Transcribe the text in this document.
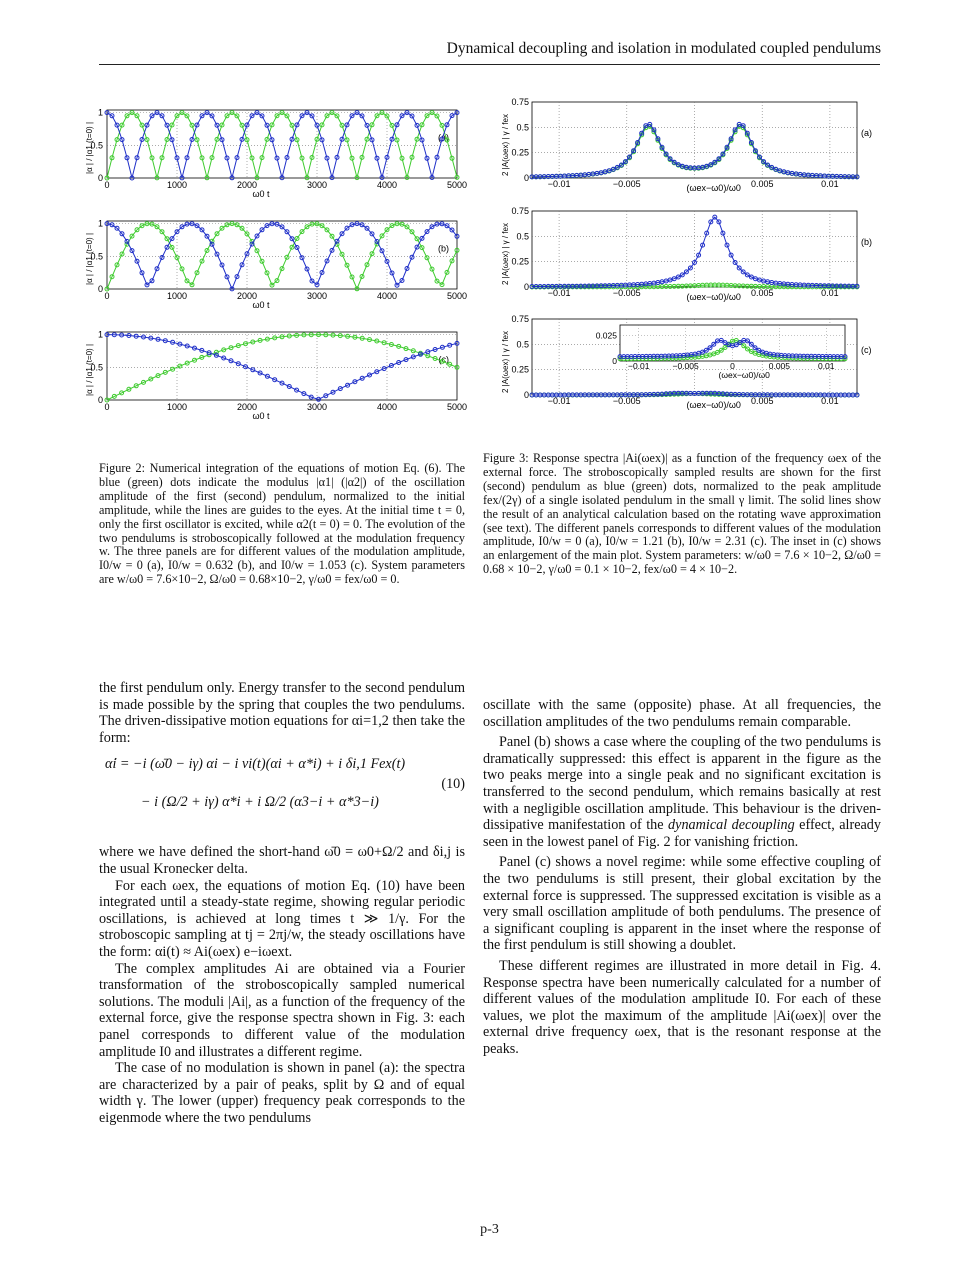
Dynamical decoupling and isolation in modulated coupled pendulums
0
0.5
1
0	1000	2000	3000	4000	5000
ω0 t
|α | / |α1 (t=0) |	(a)
0
0.5
1
0	1000	2000	3000	4000	5000
ω0 t
|α | / |α1 (t=0) |	(b)
0
0.5
1
0	1000	2000	3000	4000	5000
ω0 t
|α | / |α1 (t=0) |	(c)
0
0.25
0.5
0.75
−0.01	−0.005	0.005	0.01
(ωex−ω0)/ω0
2 |A(ωex) | γ / fex	(a)
0
0.25
0.5
0.75
−0.01	−0.005	0.005	0.01
(ωex−ω0)/ω0
2 |A(ωex) | γ / fex	(b)
0
0.25
0.5
0.75
−0.01	−0.005	0.005	0.01
(ωex−ω0)/ω0
2 |A(ωex) | γ / fex	(c)
0
0.025
−0.01	−0.005	0	0.005	0.01
(ωex−ω0)/ω0
Figure 2: Numerical integration of the equations of motion Eq. (6). The blue (green) dots indicate the modulus |α1| (|α2|) of the oscillation amplitude of the first (second) pendulum, normalized to the initial amplitude, while the lines are guides to the eyes. At the initial time t = 0, only the first oscillator is excited, while α2(t = 0) = 0. The evolution of the two pendulums is stroboscopically followed at the modulation frequency w. The three panels are for different values of the modulation amplitude, I0/w = 0 (a), I0/w = 0.632 (b), and I0/w = 1.053 (c). System parameters are w/ω0 = 7.6×10−2, Ω/ω0 = 0.68×10−2, γ/ω0 = fex/ω0 = 0.
Figure 3: Response spectra |Ai(ωex)| as a function of the frequency ωex of the external force. The stroboscopically sampled results are shown for the first (second) pendulum as blue (green) dots, normalized to the peak amplitude fex/(2γ) of a single isolated pendulum in the small γ limit. The solid lines show the result of an analytical calculation based on the rotating wave approximation (see text). The different panels corresponds to different values of the modulation amplitude, I0/w = 0 (a), I0/w = 1.21 (b), I0/w = 2.31 (c). The inset in (c) shows an enlargement of the main plot. System parameters: w/ω0 = 7.6 × 10−2, Ω/ω0 = 0.68 × 10−2, γ/ω0 = 0.1 × 10−2, fex/ω0 = 4 × 10−2.

the first pendulum only. Energy transfer to the second pendulum is made possible by the spring that couples the two pendulums. The driven-dissipative motion equations for αi=1,2 then take the form:

α̇i = −i (ω̄0 − iγ) αi − i vi(t)(αi + α*i) + i δi,1 Fex(t)
− i (Ω/2 + iγ) α*i + i Ω/2 (α3−i + α*3−i)
(10)

where we have defined the short-hand ω̄0 = ω0+Ω/2 and δi,j is the usual Kronecker delta.

For each ωex, the equations of motion Eq. (10) have been integrated until a steady-state regime, showing regular periodic oscillations, is achieved at long times t ≫ 1/γ. For the stroboscopic sampling at tj = 2πj/w, the steady oscillations have the form: αi(t) ≈ Ai(ωex) e−iωext.

The complex amplitudes Ai are obtained via a Fourier transformation of the stroboscopically sampled numerical solutions. The moduli |Ai|, as a function of the frequency of the external force, give the response spectra shown in Fig. 3: each panel corresponds to different value of the modulation amplitude I0 and illustrates a different regime.

The case of no modulation is shown in panel (a): the spectra are characterized by a pair of peaks, split by Ω and of equal width γ. The lower (upper) frequency peak corresponds to the eigenmode where the two pendulums

oscillate with the same (opposite) phase. At all frequencies, the oscillation amplitudes of the two pendulums remain comparable.

Panel (b) shows a case where the coupling of the two pendulums is dramatically suppressed: this effect is apparent in the figure as the two peaks merge into a single peak and no significant excitation is transferred to the second pendulum, which remains basically at rest with a negligible oscillation amplitude. This behaviour is the driven-dissipative manifestation of the dynamical decoupling effect, already seen in the lowest panel of Fig. 2 for vanishing friction.

Panel (c) shows a novel regime: while some effective coupling of the two pendulums is still present, their global excitation by the external force is suppressed. The suppressed excitation is visible as a very small oscillation amplitude of both pendulums. The presence of a significant coupling is apparent in the inset where the response of the first pendulum is still showing a doublet.

These different regimes are illustrated in more detail in Fig. 4. Response spectra have been numerically calculated for a number of different values of the modulation amplitude I0. For each of these values, we plot the maximum of the amplitude |Ai(ωex)| over the external drive frequency ωex, that is the resonant response at the peaks.

p-3
